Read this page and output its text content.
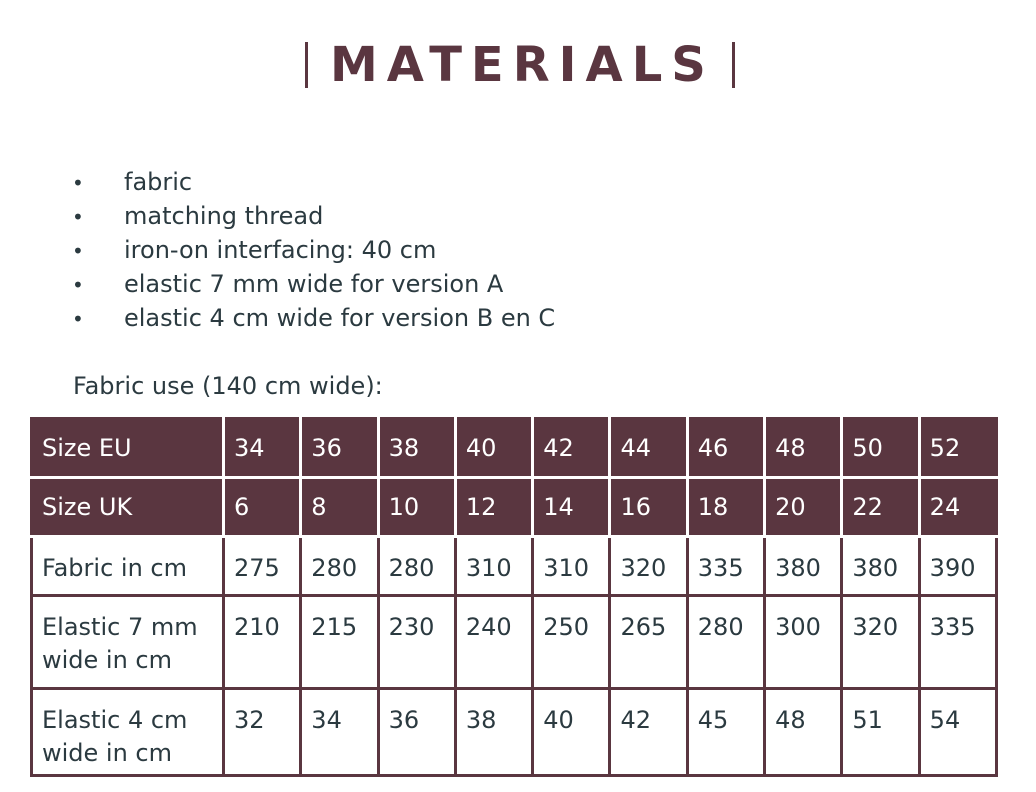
MATERIALS
• fabric
• matching thread
• iron-on interfacing: 40 cm
• elastic 7 mm wide for version A
• elastic 4 cm wide for version B en C
Fabric use (140 cm wide):
Size EU	34	36	38	40	42	44	46	48	50	52
Size UK	6	8	10	12	14	16	18	20	22	24
Fabric in cm	275	280	280	310	310	320	335	380	380	390
Elastic 7 mm wide in cm	210	215	230	240	250	265	280	300	320	335
Elastic 4 cm wide in cm	32	34	36	38	40	42	45	48	51	54
